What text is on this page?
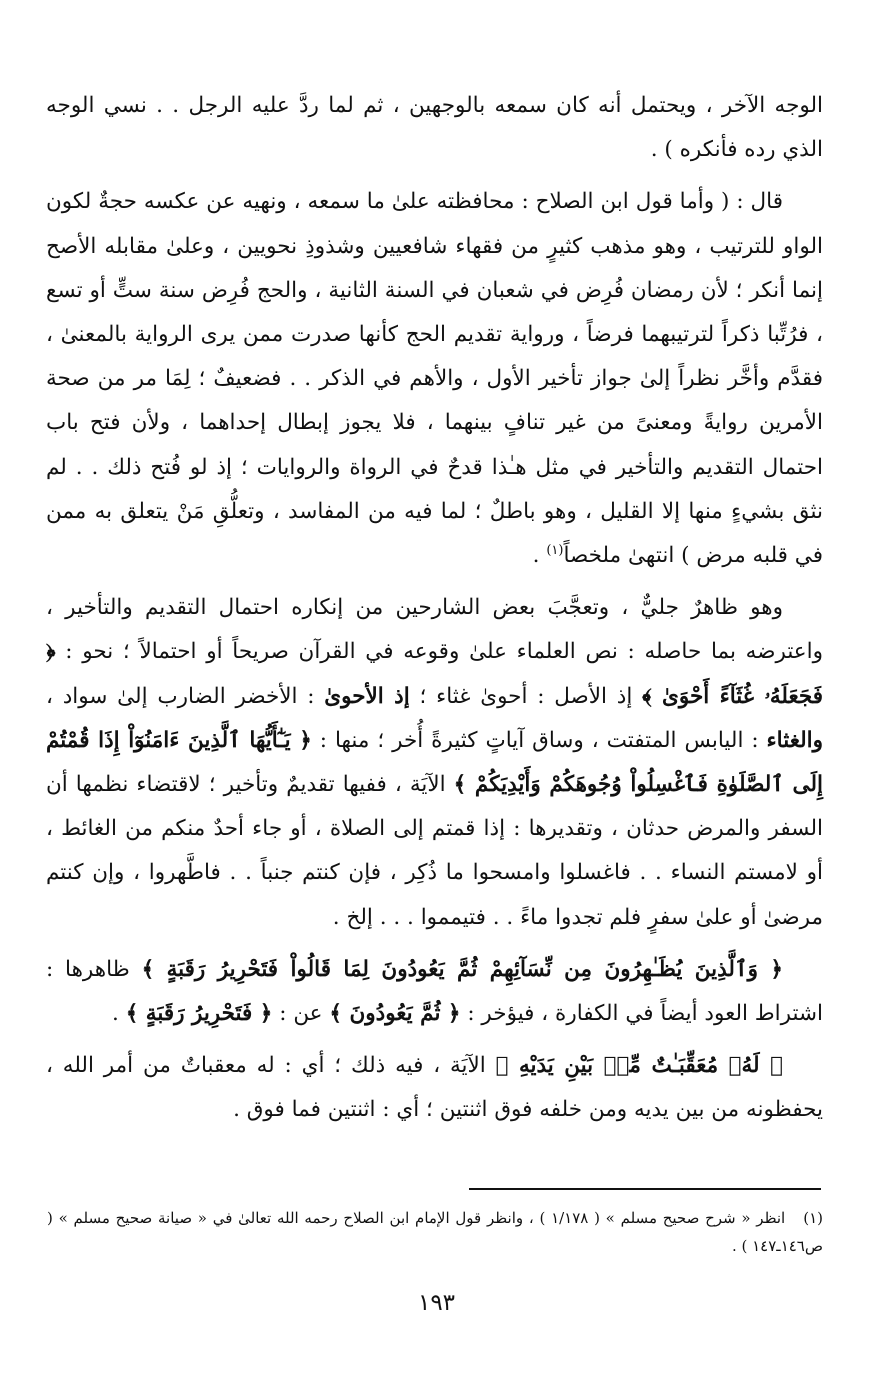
الوجه الآخر ، ويحتمل أنه كان سمعه بالوجهين ، ثم لما ردَّ عليه الرجل . . نسي الوجه الذي رده فأنكره ) .

قال : ( وأما قول ابن الصلاح : محافظته علىٰ ما سمعه ، ونهيه عن عكسه حجةٌ لكون الواو للترتيب ، وهو مذهب كثيرٍ من فقهاء شافعيين وشذوذِ نحويين ، وعلىٰ مقابله الأصح إنما أنكر ؛ لأن رمضان فُرِض في شعبان في السنة الثانية ، والحج فُرِض سنة ستٍّ أو تسع ، فرُتِّبا ذكراً لترتيبهما فرضاً ، ورواية تقديم الحج كأنها صدرت ممن يرى الرواية بالمعنىٰ ، فقدَّم وأخَّر نظراً إلىٰ جواز تأخير الأول ، والأهم في الذكر . . فضعيفٌ ؛ لِمَا مر من صحة الأمرين روايةً ومعنىً من غير تنافٍ بينهما ، فلا يجوز إبطال إحداهما ، ولأن فتح باب احتمال التقديم والتأخير في مثل هـٰذا قدحٌ في الرواة والروايات ؛ إذ لو فُتح ذلك . . لم نثق بشيءٍ منها إلا القليل ، وهو باطلٌ ؛ لما فيه من المفاسد ، وتعلُّقِ مَنْ يتعلق به ممن في قلبه مرض ) انتهىٰ ملخصاً$^{(١)}$ .

وهو ظاهرٌ جليٌّ ، وتعجَّبَ بعض الشارحين من إنكاره احتمال التقديم والتأخير ، واعترضه بما حاصله : نص العلماء علىٰ وقوعه في القرآن صريحاً أو احتمالاً ؛ نحو : ﴿ فَجَعَلَهُۥ غُثَآءً أَحْوَىٰ ﴾ إذ الأصل : أحوىٰ غثاء ؛ إذ الأحوىٰ : الأخضر الضارب إلىٰ سواد ، والغثاء : اليابس المتفتت ، وساق آياتٍ كثيرةً أُخر ؛ منها : ﴿ يَـٰٓأَيُّهَا ٱلَّذِينَ ءَامَنُوٓاْ إِذَا قُمْتُمْ إِلَى ٱلصَّلَوٰةِ فَٱغْسِلُواْ وُجُوهَكُمْ وَأَيْدِيَكُمْ ﴾ الآيَة ، ففيها تقديمٌ وتأخير ؛ لاقتضاء نظمها أن السفر والمرض حدثان ، وتقديرها : إذا قمتم إلى الصلاة ، أو جاء أحدٌ منكم من الغائط ، أو لامستم النساء . . فاغسلوا وامسحوا ما ذُكِر ، فإن كنتم جنباً . . فاطَّهروا ، وإن كنتم مرضىٰ أو علىٰ سفرٍ فلم تجدوا ماءً . . فتيمموا . . . إلخ .

﴿ وَٱلَّذِينَ يُظَـٰهِرُونَ مِن نِّسَآئِهِمْ ثُمَّ يَعُودُونَ لِمَا قَالُواْ فَتَحْرِيرُ رَقَبَةٍ ﴾ ظاهرها : اشتراط العود أيضاً في الكفارة ، فيؤخر : ﴿ ثُمَّ يَعُودُونَ ﴾ عن : ﴿ فَتَحْرِيرُ رَقَبَةٍ ﴾ .

﴿ لَهُۥ مُعَقِّبَـٰتٌ مِّنۢ بَيْنِ يَدَيْهِ ﴾ الآيَة ، فيه ذلك ؛ أي : له معقباتٌ من أمر الله ، يحفظونه من بين يديه ومن خلفه فوق اثنتين ؛ أي : اثنتين فما فوق .

(١)انظر « شرح صحيح مسلم » ( ١/١٧٨ ) ، وانظر قول الإمام ابن الصلاح رحمه الله تعالىٰ في « صيانة صحيح مسلم » ( ص١٤٦ـ١٤٧ ) .
١٩٣
